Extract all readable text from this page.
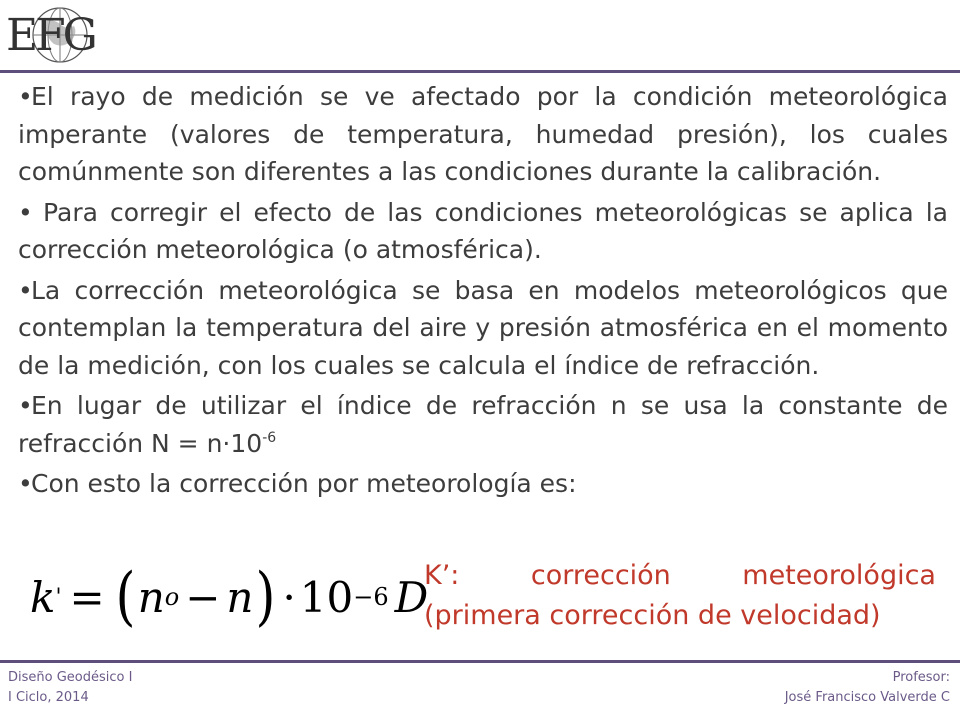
EFG
•El rayo de medición se ve afectado por la condición meteorológica imperante (valores de temperatura, humedad presión), los cuales comúnmente son diferentes a las condiciones durante la calibración.
• Para corregir el efecto de las condiciones meteorológicas se aplica la corrección meteorológica (o atmosférica).
•La corrección meteorológica se basa en modelos meteorológicos que contemplan la temperatura del aire y presión atmosférica en el momento de la medición, con los cuales se calcula el índice de refracción.
•En lugar de utilizar el índice de refracción n se usa la constante de refracción $N = n\cdot 10^{-6}$
•Con esto la corrección por meteorología es:
k ' = ( n o − n ) · 10 −6 D
K’:	corrección	meteorológica
(primera corrección de velocidad)
Diseño Geodésico I
I Ciclo, 2014
Profesor:
José Francisco Valverde C
